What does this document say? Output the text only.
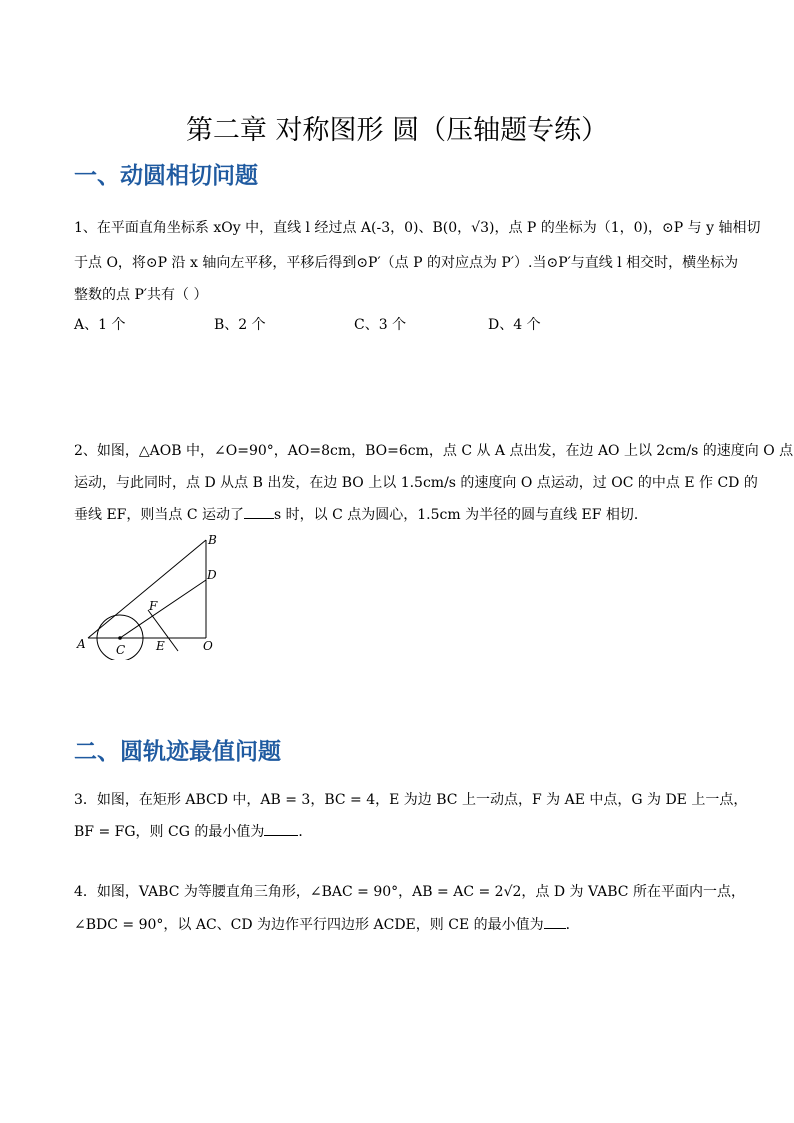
第二章 对称图形 圆（压轴题专练）
一、动圆相切问题
1、在平面直角坐标系 xOy 中，直线 l 经过点 A(-3，0)、B(0，√3)，点 P 的坐标为（1，0)，⊙P 与 y 轴相切
于点 O，将⊙P 沿 x 轴向左平移，平移后得到⊙P′（点 P 的对应点为 P′）.当⊙P′与直线 l 相交时，横坐标为
整数的点 P′共有（ ）
A、1 个	B、2 个	C、3 个	D、4 个
2、如图，△AOB 中，∠O=90°，AO=8cm，BO=6cm，点 C 从 A 点出发，在边 AO 上以 2cm/s 的速度向 O 点
运动，与此同时，点 D 从点 B 出发，在边 BO 上以 1.5cm/s 的速度向 O 点运动，过 OC 的中点 E 作 CD 的
垂线 EF，则当点 C 运动了 s 时，以 C 点为圆心，1.5cm 为半径的圆与直线 EF 相切．
A
B
C
D
E
F
O
二、圆轨迹最值问题
3．如图，在矩形 ABCD 中，AB = 3，BC = 4，E 为边 BC 上一动点，F 为 AE 中点，G 为 DE 上一点，
BF = FG，则 CG 的最小值为 ．
4．如图，VABC 为等腰直角三角形，∠BAC = 90°，AB = AC = 2√2，点 D 为 VABC 所在平面内一点，
∠BDC = 90°，以 AC、CD 为边作平行四边形 ACDE，则 CE 的最小值为 ．
